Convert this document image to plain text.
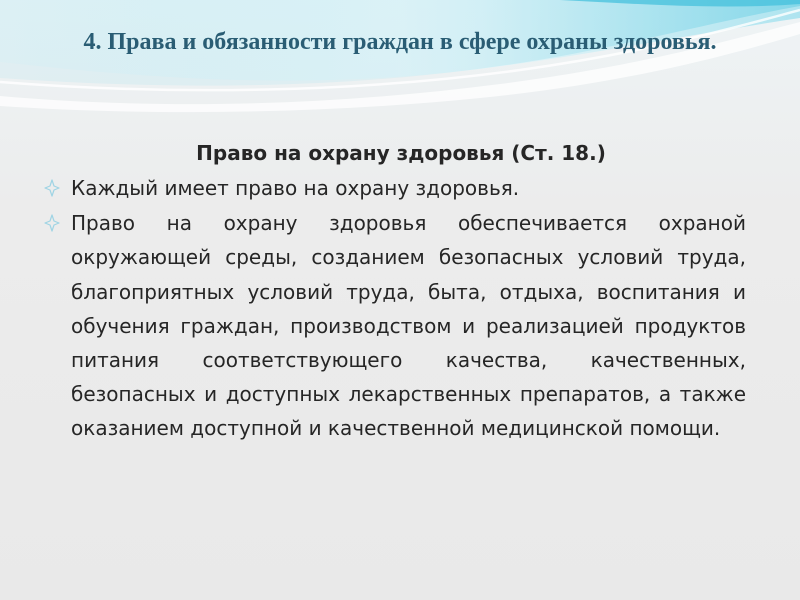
4. Права и обязанности граждан в сфере охраны здоровья.

Право на охрану здоровья (Ст. 18.)

Каждый имеет право на охрану здоровья.
Право на охрану здоровья обеспечивается охраной окружающей среды, созданием безопасных условий труда, благоприятных условий труда, быта, отдыха, воспитания и обучения граждан, производством и реализацией продуктов питания соответствующего качества, качественных, безопасных и доступных лекарственных препаратов, а также оказанием доступной и качественной медицинской помощи.
